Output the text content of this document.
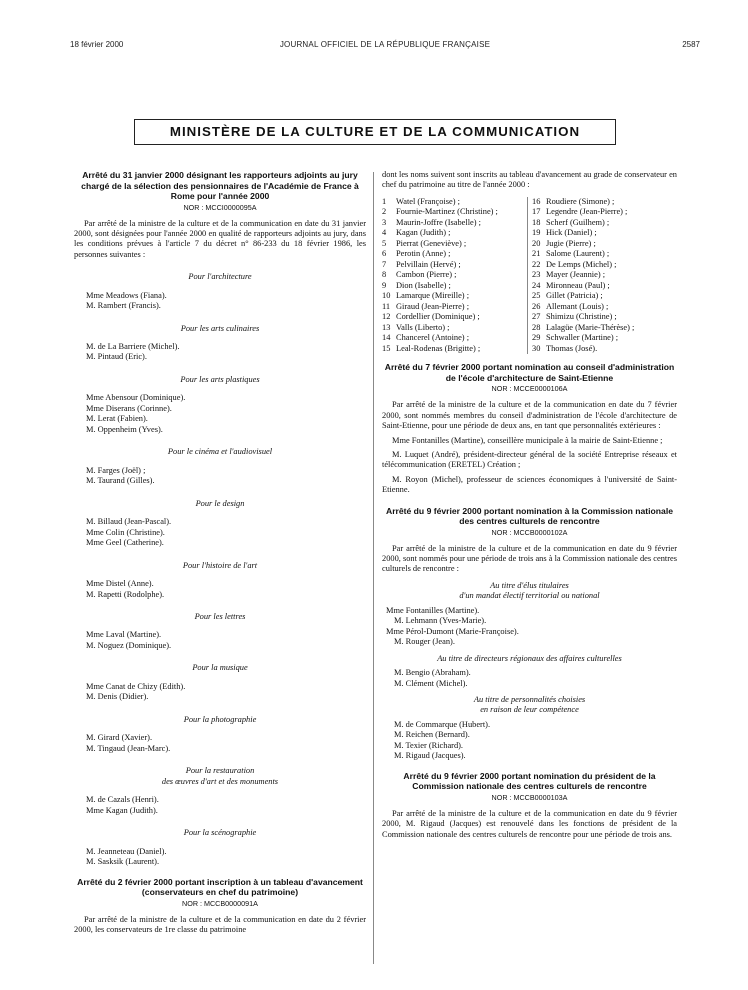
18 février 2000	JOURNAL OFFICIEL DE LA RÉPUBLIQUE FRANÇAISE	2587
MINISTÈRE DE LA CULTURE ET DE LA COMMUNICATION

Arrêté du 31 janvier 2000 désignant les rapporteurs adjoints au jury chargé de la sélection des pensionnaires de l'Académie de France à Rome pour l'année 2000

NOR : MCCI0000095A

Par arrêté de la ministre de la culture et de la communication en date du 31 janvier 2000, sont désignées pour l'année 2000 en qualité de rapporteurs adjoints au jury, dans les conditions prévues à l'article 7 du décret n° 86-233 du 18 février 1986, les personnes suivantes :

Pour l'architecture

Mme Meadows (Fiana).

M. Rambert (Francis).

Pour les arts culinaires

M. de La Barriere (Michel).

M. Pintaud (Eric).

Pour les arts plastiques

Mme Abensour (Dominique).

Mme Diserans (Corinne).

M. Lerat (Fabien).

M. Oppenheim (Yves).

Pour le cinéma et l'audiovisuel

M. Farges (Joël) ;

M. Taurand (Gilles).

Pour le design

M. Billaud (Jean-Pascal).

Mme Colin (Christine).

Mme Geel (Catherine).

Pour l'histoire de l'art

Mme Distel (Anne).

M. Rapetti (Rodolphe).

Pour les lettres

Mme Laval (Martine).

M. Noguez (Dominique).

Pour la musique

Mme Canat de Chizy (Edith).

M. Denis (Didier).

Pour la photographie

M. Girard (Xavier).

M. Tingaud (Jean-Marc).

Pour la restauration

des œuvres d'art et des monuments

M. de Cazals (Henri).

Mme Kagan (Judith).

Pour la scénographie

M. Jeanneteau (Daniel).

M. Sasksik (Laurent).

Arrêté du 2 février 2000 portant inscription à un tableau d'avancement (conservateurs en chef du patrimoine)

NOR : MCCB0000091A

Par arrêté de la ministre de la culture et de la communication en date du 2 février 2000, les conservateurs de 1re classe du patrimoine

dont les noms suivent sont inscrits au tableau d'avancement au grade de conservateur en chef du patrimoine au titre de l'année 2000 :

1	Watel (Françoise) ;
2	Fournie-Martinez (Christine) ;
3	Maurin-Joffre (Isabelle) ;
4	Kagan (Judith) ;
5	Pierrat (Geneviève) ;
6	Perotin (Anne) ;
7	Pelvillain (Hervé) ;
8	Cambon (Pierre) ;
9	Dion (Isabelle) ;
10 Lamarque (Mireille) ;
11 Giraud (Jean-Pierre) ;
12 Cordellier (Dominique) ;
13 Valls (Liberto) ;
14 Chancerel (Antoine) ;
15 Leal-Rodenas (Brigitte) ;
16 Roudiere (Simone) ;
17 Legendre (Jean-Pierre) ;
18 Scherf (Guilhem) ;
19 Hick (Daniel) ;
20 Jugie (Pierre) ;
21 Salome (Laurent) ;
22 De Lemps (Michel) ;
23 Mayer (Jeannie) ;
24 Mironneau (Paul) ;
25 Gillet (Patricia) ;
26 Allemant (Louis) ;
27 Shimizu (Christine) ;
28 Lalagüe (Marie-Thérèse) ;
29 Schwaller (Martine) ;
30 Thomas (José).

Arrêté du 7 février 2000 portant nomination au conseil d'administration de l'école d'architecture de Saint-Etienne

NOR : MCCE0000106A

Par arrêté de la ministre de la culture et de la communication en date du 7 février 2000, sont nommés membres du conseil d'administration de l'école d'architecture de Saint-Etienne, pour une période de deux ans, en tant que personnalités extérieures :

Mme Fontanilles (Martine), conseillère municipale à la mairie de Saint-Etienne ;

M. Luquet (André), président-directeur général de la société Entreprise réseaux et télécommunication (ERETEL) Création ;

M. Royon (Michel), professeur de sciences économiques à l'université de Saint-Etienne.

Arrêté du 9 février 2000 portant nomination à la Commission nationale des centres culturels de rencontre

NOR : MCCB0000102A

Par arrêté de la ministre de la culture et de la communication en date du 9 février 2000, sont nommés pour une période de trois ans à la Commission nationale des centres culturels de rencontre :

Au titre d'élus titulaires

d'un mandat électif territorial ou national

Mme Fontanilles (Martine).

M. Lehmann (Yves-Marie).

Mme Pérol-Dumont (Marie-Françoise).

M. Rouger (Jean).

Au titre de directeurs régionaux des affaires culturelles

M. Bengio (Abraham).

M. Clément (Michel).

Au titre de personnalités choisies

en raison de leur compétence

M. de Commarque (Hubert).

M. Reichen (Bernard).

M. Texier (Richard).

M. Rigaud (Jacques).

Arrêté du 9 février 2000 portant nomination du président de la Commission nationale des centres culturels de rencontre

NOR : MCCB0000103A

Par arrêté de la ministre de la culture et de la communication en date du 9 février 2000, M. Rigaud (Jacques) est renouvelé dans les fonctions de président de la Commission nationale des centres culturels de rencontre pour une période de trois ans.
